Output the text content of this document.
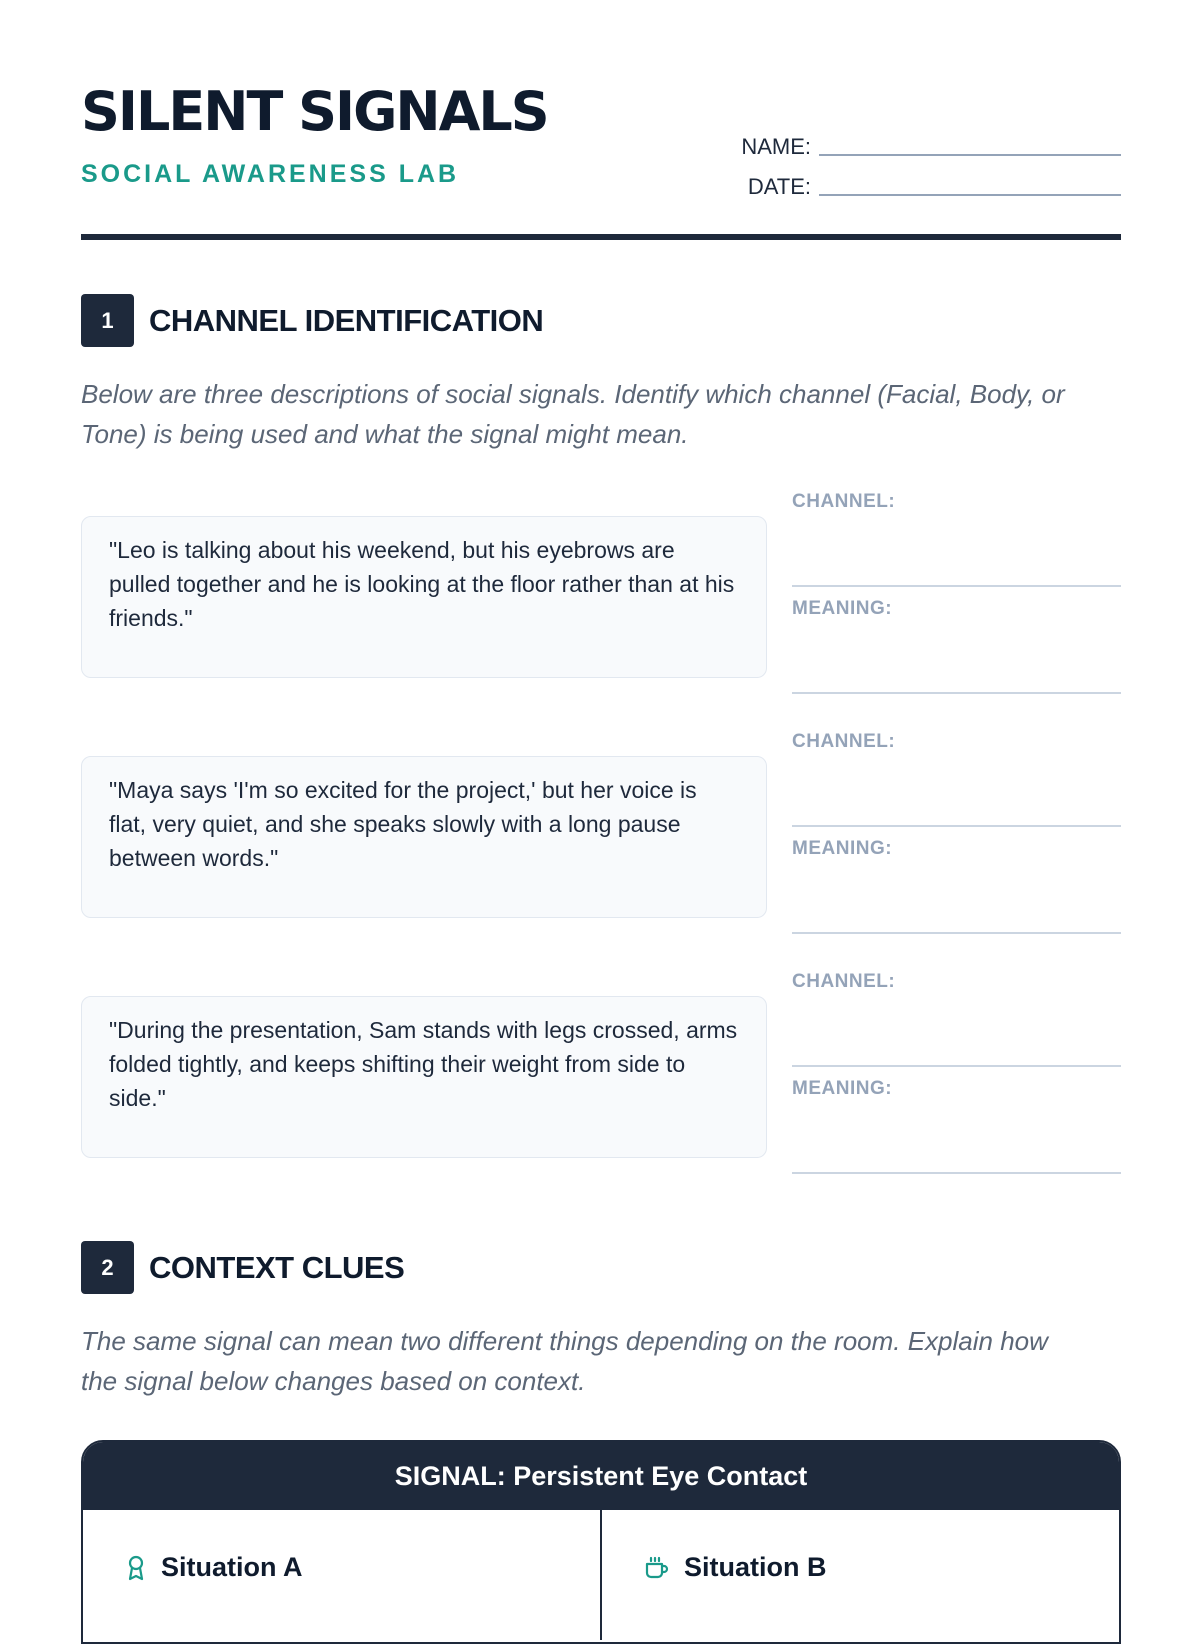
SILENT SIGNALS
SOCIAL AWARENESS LAB
NAME:
DATE:
1	CHANNEL IDENTIFICATION
Below are three descriptions of social signals. Identify which channel (Facial, Body, or Tone) is being used and what the signal might mean.
"Leo is talking about his weekend, but his eyebrows are pulled together and he is looking at the floor rather than at his friends."
CHANNEL:
MEANING:
"Maya says 'I'm so excited for the project,' but her voice is flat, very quiet, and she speaks slowly with a long pause between words."
CHANNEL:
MEANING:
"During the presentation, Sam stands with legs crossed, arms folded tightly, and keeps shifting their weight from side to side."
CHANNEL:
MEANING:
2	CONTEXT CLUES
The same signal can mean two different things depending on the room. Explain how the signal below changes based on context.
SIGNAL: Persistent Eye Contact
Situation A	Situation B
